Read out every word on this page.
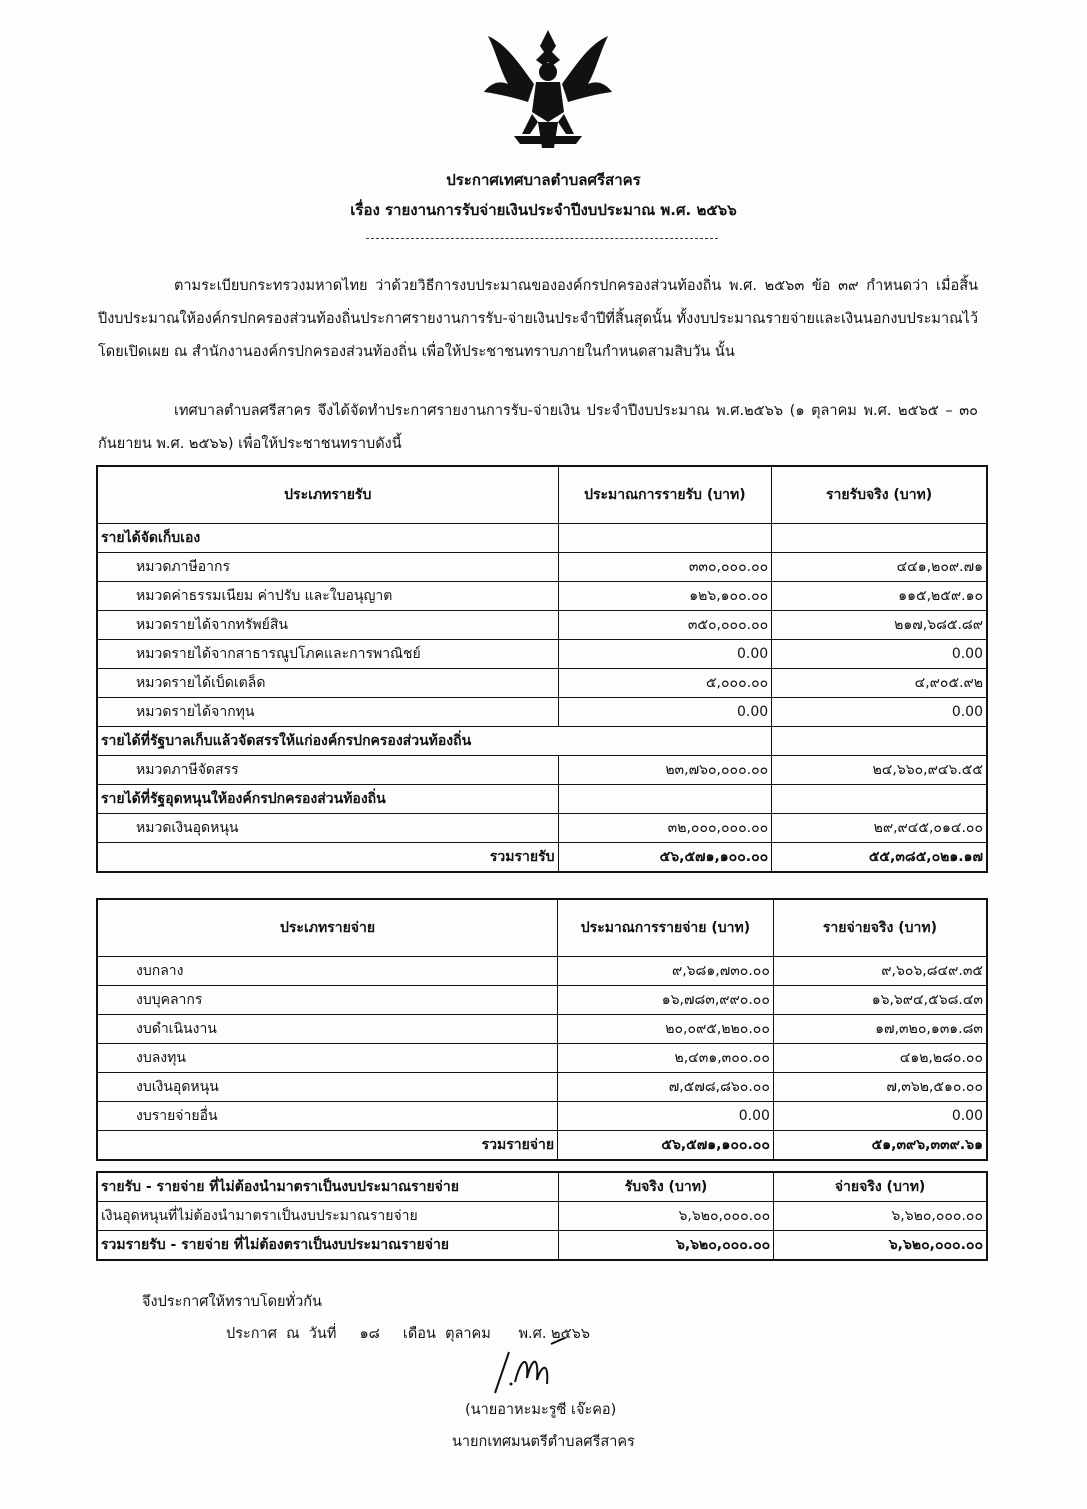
ประกาศเทศบาลตำบลศรีสาคร
เรื่อง รายงานการรับจ่ายเงินประจำปีงบประมาณ พ.ศ. ๒๕๖๖
ตามระเบียบกระทรวงมหาดไทย ว่าด้วยวิธีการงบประมาณขององค์กรปกครองส่วนท้องถิ่น พ.ศ. ๒๕๖๓ ข้อ ๓๙ กำหนดว่า เมื่อสิ้นปีงบประมาณให้องค์กรปกครองส่วนท้องถิ่นประกาศรายงานการรับ-จ่ายเงินประจำปีที่สิ้นสุดนั้น ทั้งงบประมาณรายจ่ายและเงินนอกงบประมาณไว้โดยเปิดเผย ณ สำนักงานองค์กรปกครองส่วนท้องถิ่น เพื่อให้ประชาชนทราบภายในกำหนดสามสิบวัน นั้น
เทศบาลตำบลศรีสาคร จึงได้จัดทำประกาศรายงานการรับ-จ่ายเงิน ประจำปีงบประมาณ พ.ศ.๒๕๖๖ (๑ ตุลาคม พ.ศ. ๒๕๖๕ – ๓๐ กันยายน พ.ศ. ๒๕๖๖) เพื่อให้ประชาชนทราบดังนี้
ประเภทรายรับ	ประมาณการรายรับ (บาท)	รายรับจริง (บาท)
รายได้จัดเก็บเอง		
หมวดภาษีอากร	๓๓๐,๐๐๐.๐๐	๔๔๑,๒๐๙.๗๑
หมวดค่าธรรมเนียม ค่าปรับ และใบอนุญาต	๑๒๖,๑๐๐.๐๐	๑๑๕,๒๕๙.๑๐
หมวดรายได้จากทรัพย์สิน	๓๕๐,๐๐๐.๐๐	๒๑๗,๖๘๕.๘๙
หมวดรายได้จากสาธารณูปโภคและการพาณิชย์	0.00	0.00
หมวดรายได้เบ็ดเตล็ด	๕,๐๐๐.๐๐	๔,๙๐๕.๙๒
หมวดรายได้จากทุน	0.00	0.00
รายได้ที่รัฐบาลเก็บแล้วจัดสรรให้แก่องค์กรปกครองส่วนท้องถิ่น		
หมวดภาษีจัดสรร	๒๓,๗๖๐,๐๐๐.๐๐	๒๔,๖๖๐,๙๔๖.๕๕
รายได้ที่รัฐอุดหนุนให้องค์กรปกครองส่วนท้องถิ่น		
หมวดเงินอุดหนุน	๓๒,๐๐๐,๐๐๐.๐๐	๒๙,๙๔๕,๐๑๔.๐๐
รวมรายรับ	๕๖,๕๗๑,๑๐๐.๐๐	๕๕,๓๘๕,๐๒๑.๑๗
ประเภทรายจ่าย	ประมาณการรายจ่าย (บาท)	รายจ่ายจริง (บาท)
งบกลาง	๙,๖๘๑,๗๓๐.๐๐	๙,๖๐๖,๘๔๙.๓๕
งบบุคลากร	๑๖,๗๘๓,๙๙๐.๐๐	๑๖,๖๙๔,๕๖๘.๔๓
งบดำเนินงาน	๒๐,๐๙๕,๒๒๐.๐๐	๑๗,๓๒๐,๑๓๑.๘๓
งบลงทุน	๒,๔๓๑,๓๐๐.๐๐	๔๑๒,๒๘๐.๐๐
งบเงินอุดหนุน	๗,๕๗๘,๘๖๐.๐๐	๗,๓๖๒,๕๑๐.๐๐
งบรายจ่ายอื่น	0.00	0.00
รวมรายจ่าย	๕๖,๕๗๑,๑๐๐.๐๐	๕๑,๓๙๖,๓๓๙.๖๑
รายรับ - รายจ่าย ที่ไม่ต้องนำมาตราเป็นงบประมาณรายจ่าย	รับจริง (บาท)	จ่ายจริง (บาท)
เงินอุดหนุนที่ไม่ต้องนำมาตราเป็นงบประมาณรายจ่าย	๖,๖๒๐,๐๐๐.๐๐	๖,๖๒๐,๐๐๐.๐๐
รวมรายรับ - รายจ่าย ที่ไม่ต้องตราเป็นงบประมาณรายจ่าย	๖,๖๒๐,๐๐๐.๐๐	๖,๖๒๐,๐๐๐.๐๐
จึงประกาศให้ทราบโดยทั่วกัน
ประกาศ  ณ  วันที่     ๑๘     เดือน  ตุลาคม      พ.ศ. ๒๕๖๖
(นายอาหะมะรูซี เจ๊ะคอ)
นายกเทศมนตรีตำบลศรีสาคร
